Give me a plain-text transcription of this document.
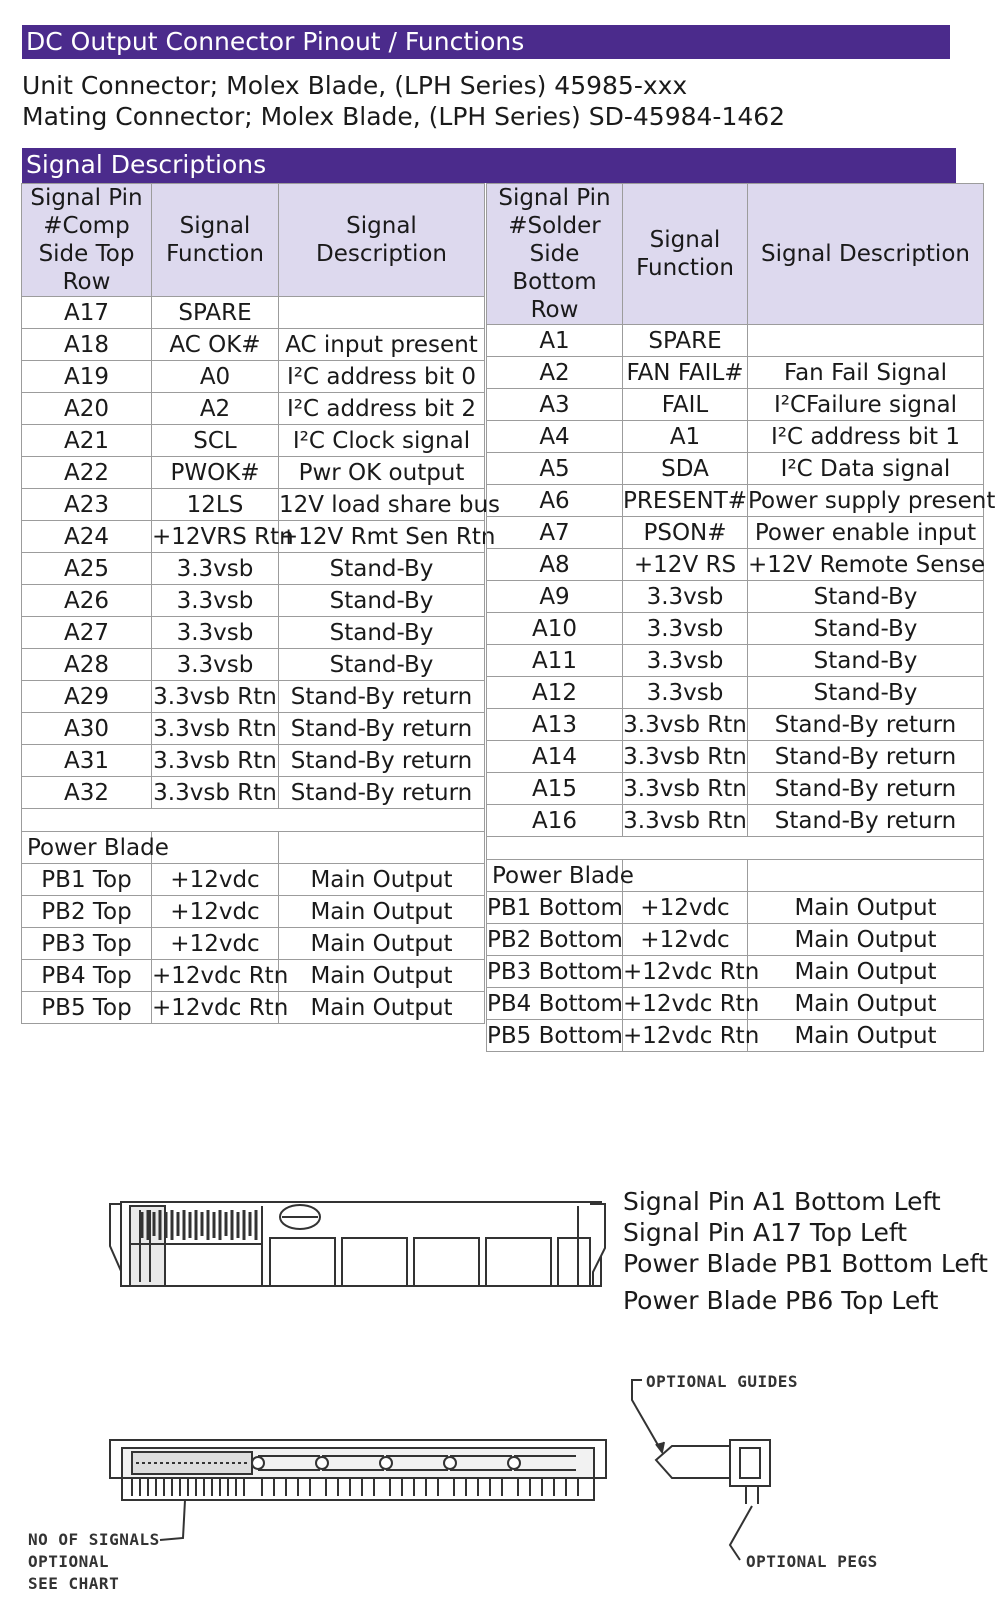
DC Output Connector Pinout / Functions
Unit Connector; Molex Blade, (LPH Series) 45985-xxx
Mating Connector; Molex Blade, (LPH Series) SD-45984-1462
Signal Descriptions
Signal Pin #Comp Side Top Row	Signal Function	Signal Description
A17	SPARE	
A18	AC OK#	AC input present
A19	A0	I²C address bit 0
A20	A2	I²C address bit 2
A21	SCL	I²C Clock signal
A22	PWOK#	Pwr OK output
A23	12LS	12V load share bus
A24	+12VRS Rtn	+12V Rmt Sen Rtn
A25	3.3vsb	Stand-By
A26	3.3vsb	Stand-By
A27	3.3vsb	Stand-By
A28	3.3vsb	Stand-By
A29	3.3vsb Rtn	Stand-By return
A30	3.3vsb Rtn	Stand-By return
A31	3.3vsb Rtn	Stand-By return
A32	3.3vsb Rtn	Stand-By return

Power Blade		
PB1 Top	+12vdc	Main Output
PB2 Top	+12vdc	Main Output
PB3 Top	+12vdc	Main Output
PB4 Top	+12vdc Rtn	Main Output
PB5 Top	+12vdc Rtn	Main Output
Signal Pin #Solder Side Bottom Row	Signal Function	Signal Description
A1	SPARE	
A2	FAN FAIL#	Fan Fail Signal
A3	FAIL	I²CFailure signal
A4	A1	I²C address bit 1
A5	SDA	I²C Data signal
A6	PRESENT#	Power supply present
A7	PSON#	Power enable input
A8	+12V RS	+12V Remote Sense
A9	3.3vsb	Stand-By
A10	3.3vsb	Stand-By
A11	3.3vsb	Stand-By
A12	3.3vsb	Stand-By
A13	3.3vsb Rtn	Stand-By return
A14	3.3vsb Rtn	Stand-By return
A15	3.3vsb Rtn	Stand-By return
A16	3.3vsb Rtn	Stand-By return

Power Blade		
PB1 Bottom	+12vdc	Main Output
PB2 Bottom	+12vdc	Main Output
PB3 Bottom	+12vdc Rtn	Main Output
PB4 Bottom	+12vdc Rtn	Main Output
PB5 Bottom	+12vdc Rtn	Main Output
Signal Pin A1 Bottom Left
Signal Pin A17 Top Left
Power Blade PB1 Bottom Left
Power Blade PB6 Top Left
OPTIONAL GUIDES
OPTIONAL PEGS
NO OF SIGNALS
OPTIONAL
SEE CHART
